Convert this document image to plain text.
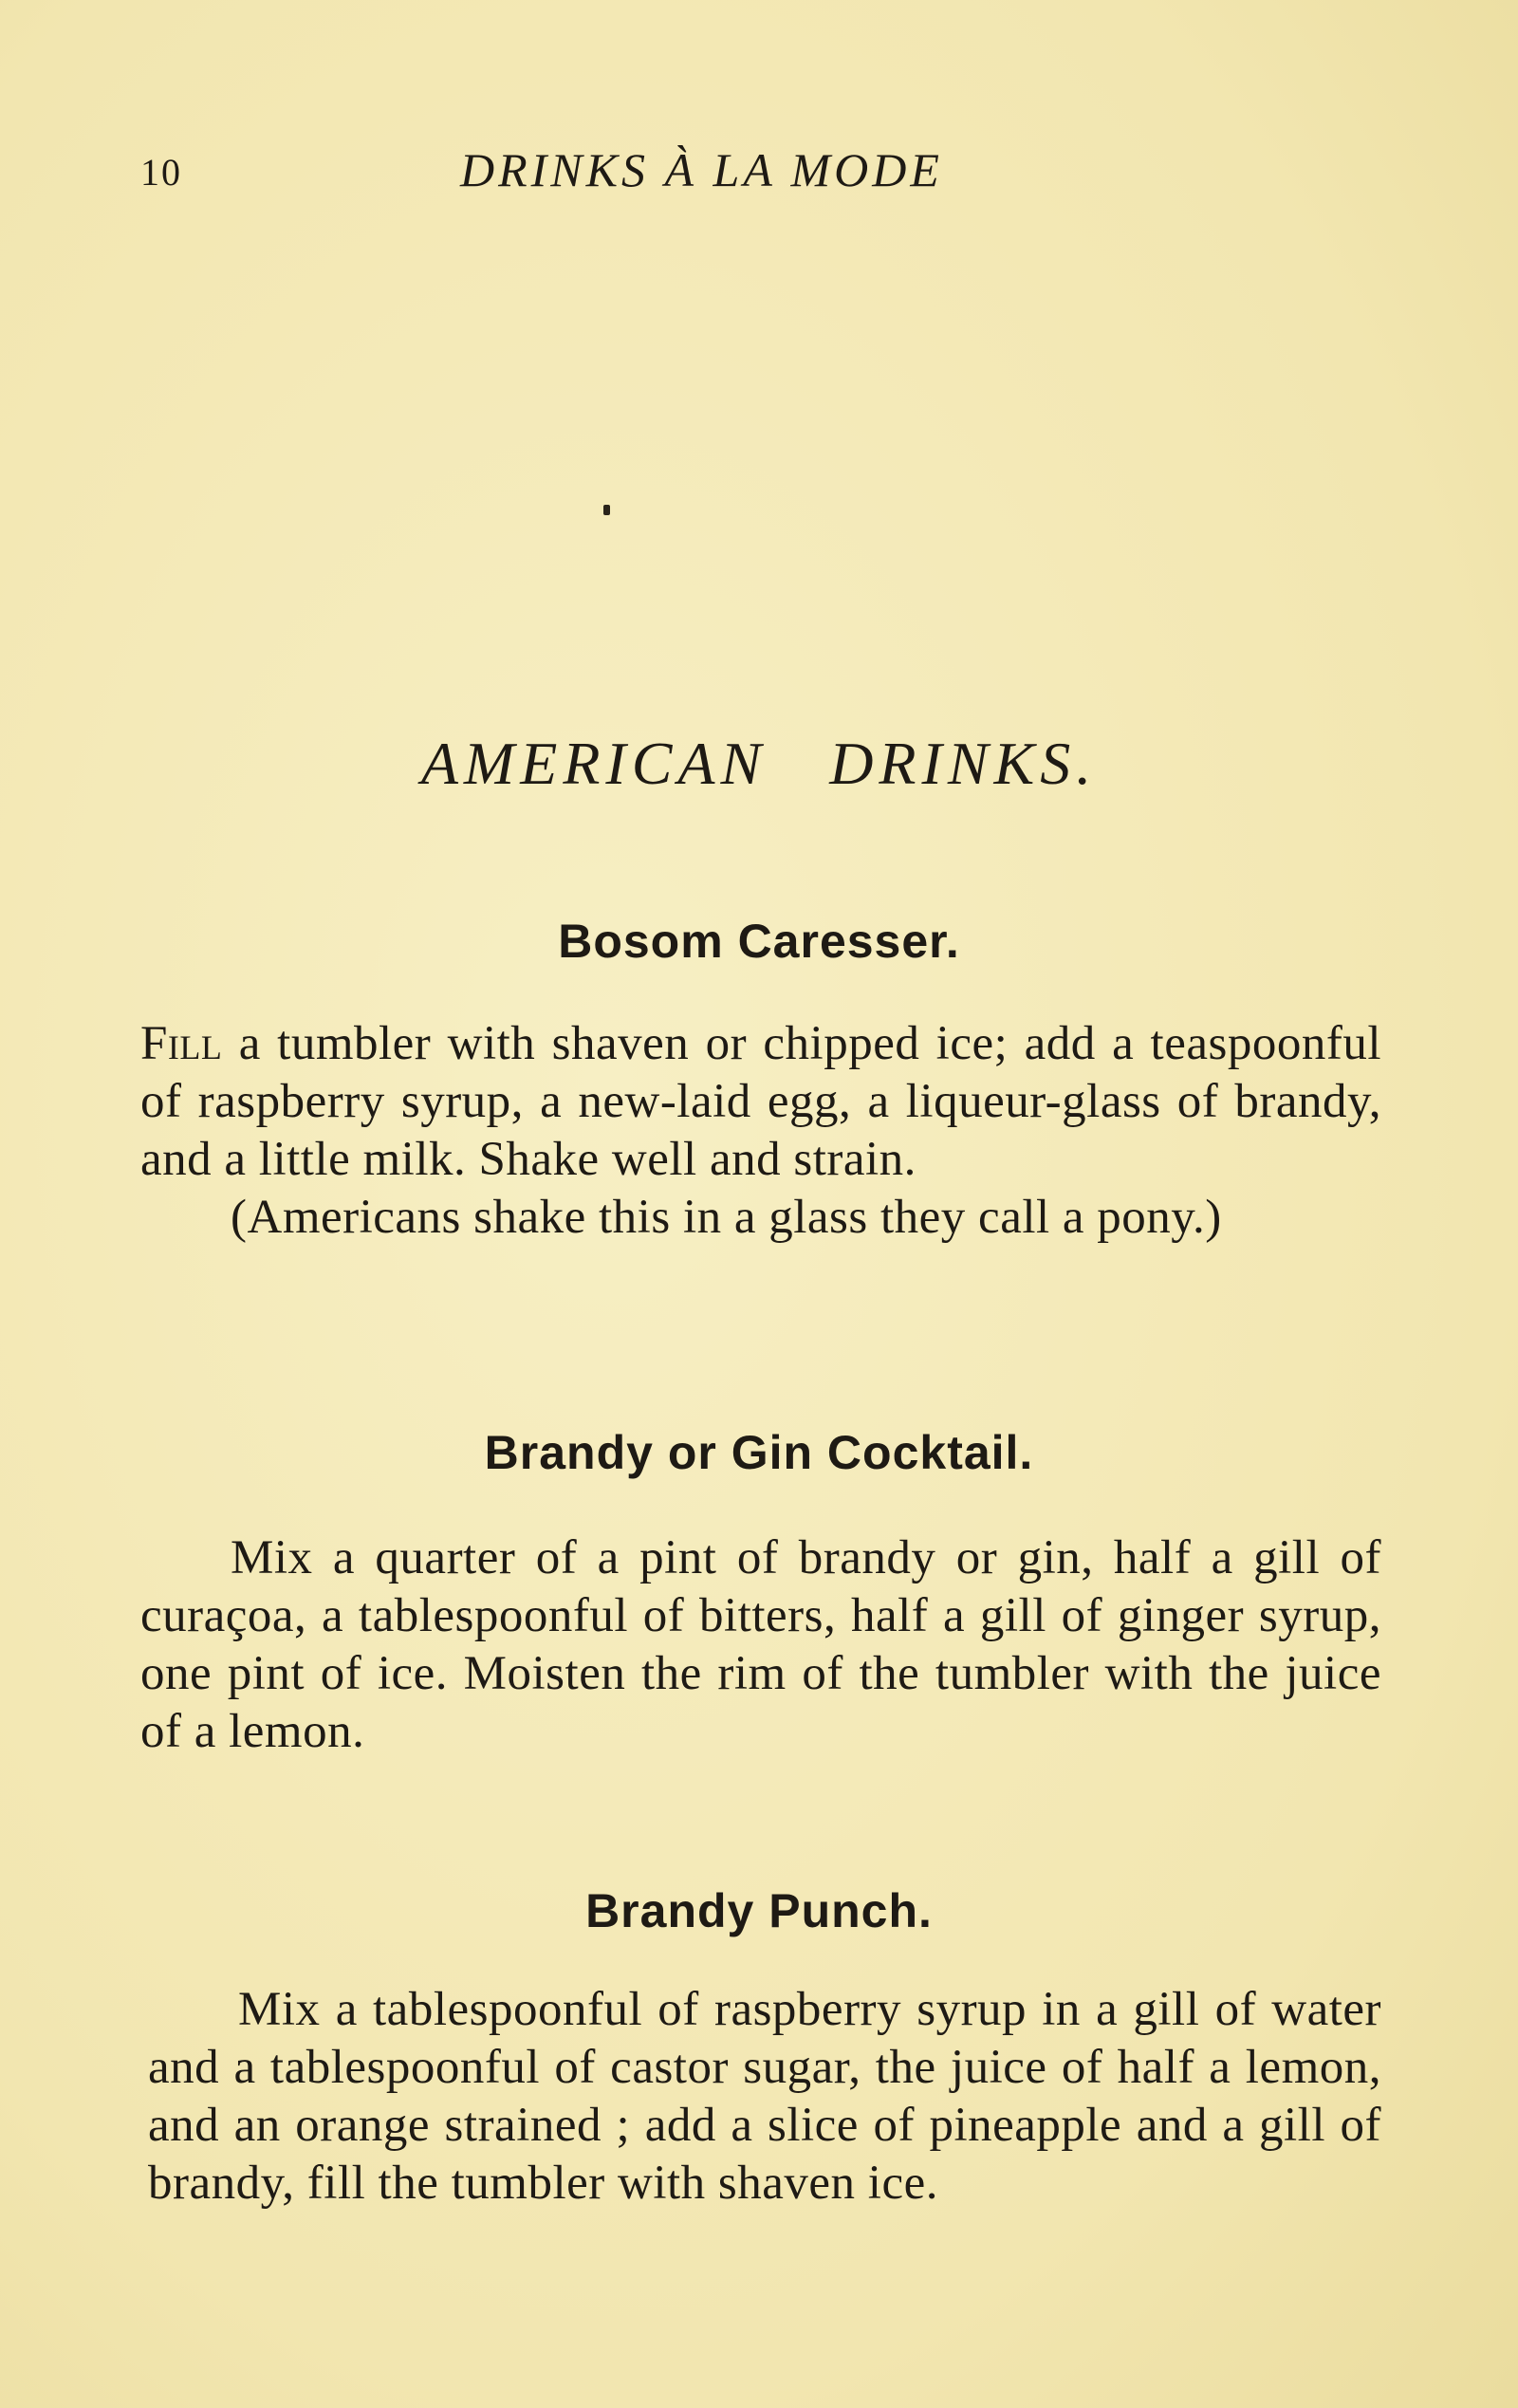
10	DRINKS À LA MODE
AMERICAN   DRINKS.
Bosom Caresser.

Fill a tumbler with shaven or chipped ice; add a teaspoonful of raspberry syrup, a new-laid egg, a liqueur-glass of brandy, and a little milk. Shake well and strain.

(Americans shake this in a glass they call a pony.)

Brandy or Gin Cocktail.

Mix a quarter of a pint of brandy or gin, half a gill of curaçoa, a tablespoonful of bitters, half a gill of ginger syrup, one pint of ice. Moisten the rim of the tumbler with the juice of a lemon.

Brandy Punch.

Mix a tablespoonful of raspberry syrup in a gill of water and a tablespoonful of castor sugar, the juice of half a lemon, and an orange strained ; add a slice of pineapple and a gill of brandy, fill the tumbler with shaven ice.
